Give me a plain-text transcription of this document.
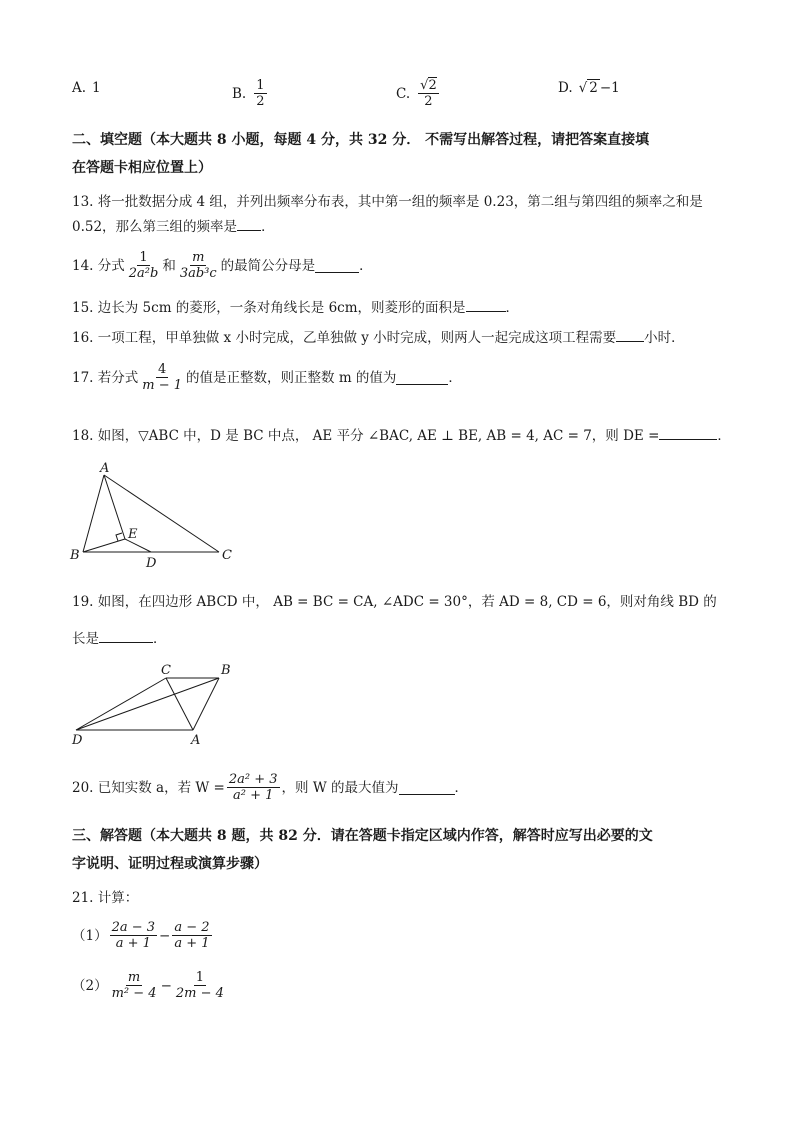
A. 1	B. $\frac{1}{2}$	C. $\frac{√2}{2}$	D. √ 2 −1
二、填空题（本大题共 8 小题，每题 4 分，共 32 分． 不需写出解答过程，请把答案直接填
在答题卡相应位置上）
13. 将一批数据分成 4 组，并列出频率分布表，其中第一组的频率是 0.23，第二组与第四组的频率之和是
0.52，那么第三组的频率是 ．
14. 分式 $\frac{1}{\text{2a²b}}$ 和 $\frac{m}{\text{3ab³c}}$ 的最简公分母是	．
15. 边长为 5cm 的菱形，一条对角线长是 6cm，则菱形的面积是	．
16. 一项工程，甲单独做 x 小时完成，乙单独做 y 小时完成，则两人一起完成这项工程需要 小时．
17. 若分式 $\frac{4}{m - 1}$ 的值是正整数，则正整数 m 的值为	．
18. 如图，▽ABC 中，D 是 BC 中点， AE 平分 ∠BAC, AE ⊥ BE, AB = 4, AC = 7，则 DE =	．
A
B	C
D
E
19. 如图，在四边形 ABCD 中， AB = BC = CA, ∠ADC = 30°，若 AD = 8, CD = 6，则对角线 BD 的
长是	．
C	B
D	A
20. 已知实数 a，若 $W = \frac{\text{2a² + 3}}{\text{a² + 1}}$ ，则 W 的最大值为	．
三、解答题（本大题共 8 题，共 82 分．请在答题卡指定区域内作答，解答时应写出必要的文
字说明、证明过程或演算步骤）
21. 计算：
$(1) \frac{2a - 3}{a + 1} - \frac{a - 2}{a + 1}$
$(2) \frac{m}{\text{m² − 4}} - \frac{1}{2m - 4}$
